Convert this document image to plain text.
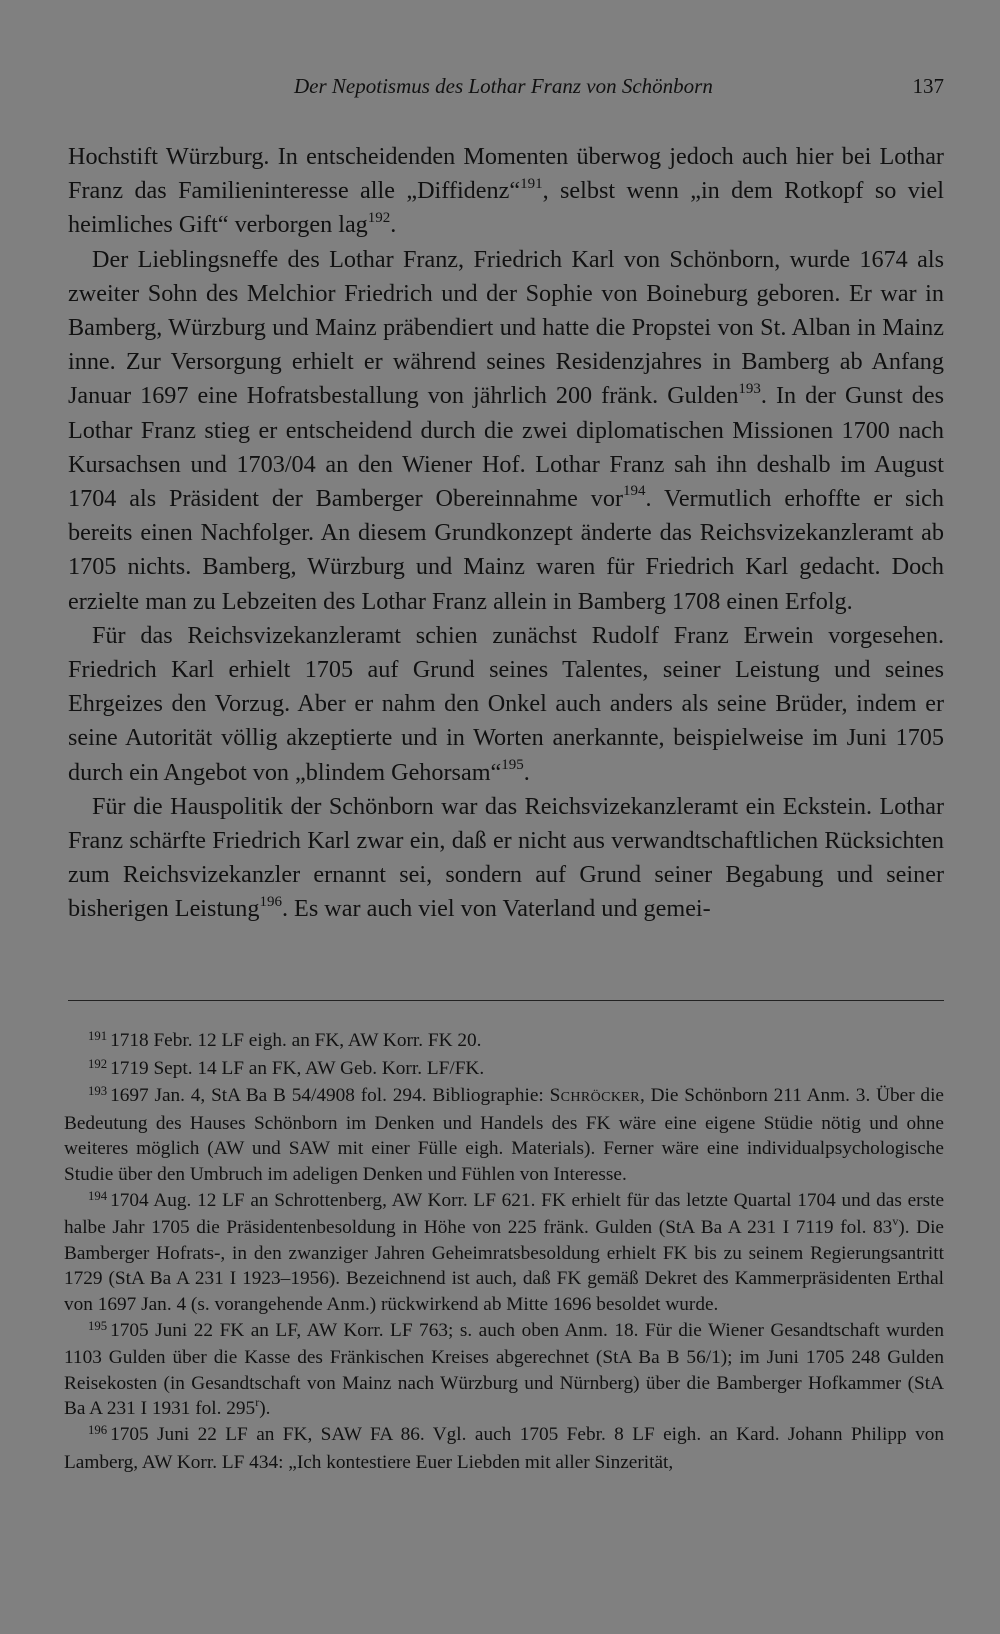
Der Nepotismus des Lothar Franz von Schönborn	137

Hochstift Würzburg. In entscheidenden Momenten überwog jedoch auch hier bei Lothar Franz das Familieninteresse alle „Diffidenz“$^{191}$, selbst wenn „in dem Rotkopf so viel heimliches Gift“ verborgen lag$^{192}$.

Der Lieblingsneffe des Lothar Franz, Friedrich Karl von Schönborn, wurde 1674 als zweiter Sohn des Melchior Friedrich und der Sophie von Boineburg geboren. Er war in Bamberg, Würzburg und Mainz präbendiert und hatte die Propstei von St. Alban in Mainz inne. Zur Versorgung erhielt er während seines Residenzjahres in Bamberg ab Anfang Januar 1697 eine Hofratsbestallung von jährlich 200 fränk. Gulden$^{193}$. In der Gunst des Lothar Franz stieg er entscheidend durch die zwei diplomatischen Missionen 1700 nach Kursachsen und 1703/04 an den Wiener Hof. Lothar Franz sah ihn deshalb im August 1704 als Präsident der Bamberger Obereinnahme vor$^{194}$. Vermutlich erhoffte er sich bereits einen Nachfolger. An diesem Grundkonzept änderte das Reichsvizekanzleramt ab 1705 nichts. Bamberg, Würzburg und Mainz waren für Friedrich Karl gedacht. Doch erzielte man zu Lebzeiten des Lothar Franz allein in Bamberg 1708 einen Erfolg.

Für das Reichsvizekanzleramt schien zunächst Rudolf Franz Erwein vorgesehen. Friedrich Karl erhielt 1705 auf Grund seines Talentes, seiner Leistung und seines Ehrgeizes den Vorzug. Aber er nahm den Onkel auch anders als seine Brüder, indem er seine Autorität völlig akzeptierte und in Worten anerkannte, beispielweise im Juni 1705 durch ein Angebot von „blindem Gehorsam“$^{195}$.

Für die Hauspolitik der Schönborn war das Reichsvizekanzleramt ein Eckstein. Lothar Franz schärfte Friedrich Karl zwar ein, daß er nicht aus verwandtschaftlichen Rücksichten zum Reichsvizekanzler ernannt sei, sondern auf Grund seiner Begabung und seiner bisherigen Leistung$^{196}$. Es war auch viel von Vaterland und gemei-

$^{191}$ 1718 Febr. 12 LF eigh. an FK, AW Korr. FK 20.

$^{192}$ 1719 Sept. 14 LF an FK, AW Geb. Korr. LF/FK.

$^{193}$ 1697 Jan. 4, StA Ba B 54/4908 fol. 294. Bibliographie: Schröcker, Die Schönborn 211 Anm. 3. Über die Bedeutung des Hauses Schönborn im Denken und Handels des FK wäre eine eigene Stüdie nötig und ohne weiteres möglich (AW und SAW mit einer Fülle eigh. Materials). Ferner wäre eine individualpsychologische Studie über den Umbruch im adeligen Denken und Fühlen von Interesse.

$^{194}$ 1704 Aug. 12 LF an Schrottenberg, AW Korr. LF 621. FK erhielt für das letzte Quartal 1704 und das erste halbe Jahr 1705 die Präsidentenbesoldung in Höhe von 225 fränk. Gulden (StA Ba A 231 I 7119 fol. 83$^v$). Die Bamberger Hofrats-, in den zwanziger Jahren Geheimratsbesoldung erhielt FK bis zu seinem Regierungsantritt 1729 (StA Ba A 231 I 1923–1956). Bezeichnend ist auch, daß FK gemäß Dekret des Kammerpräsidenten Erthal von 1697 Jan. 4 (s. vorangehende Anm.) rückwirkend ab Mitte 1696 besoldet wurde.

$^{195}$ 1705 Juni 22 FK an LF, AW Korr. LF 763; s. auch oben Anm. 18. Für die Wiener Gesandtschaft wurden 1103 Gulden über die Kasse des Fränkischen Kreises abgerechnet (StA Ba B 56/1); im Juni 1705 248 Gulden Reisekosten (in Gesandtschaft von Mainz nach Würzburg und Nürnberg) über die Bamberger Hofkammer (StA Ba A 231 I 1931 fol. 295$^r$).

$^{196}$ 1705 Juni 22 LF an FK, SAW FA 86. Vgl. auch 1705 Febr. 8 LF eigh. an Kard. Johann Philipp von Lamberg, AW Korr. LF 434: „Ich kontestiere Euer Liebden mit aller Sinzerität,
